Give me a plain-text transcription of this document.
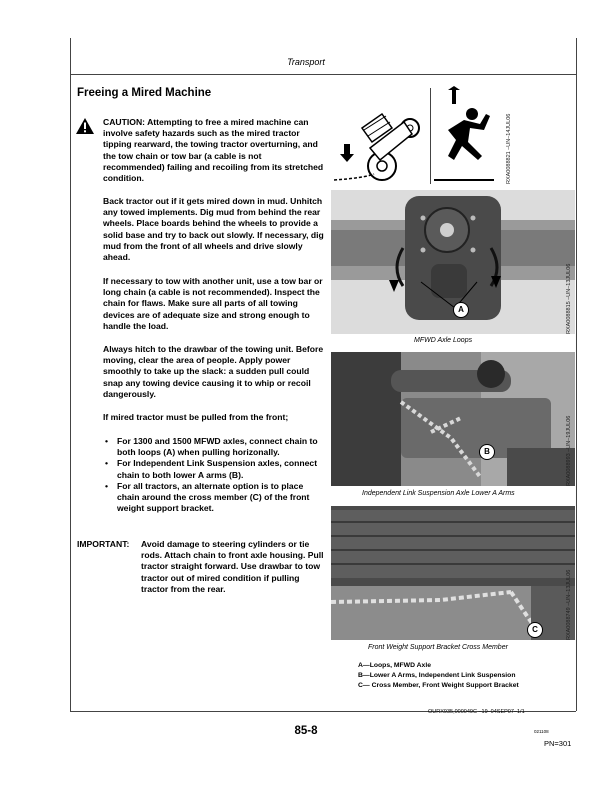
Transport
Freeing a Mired Machine
CAUTION: Attempting to free a mired machine can involve safety hazards such as the mired tractor tipping rearward, the towing tractor overturning, and the tow chain or tow bar (a cable is not recommended) failing and recoiling from its stretched condition.
Back tractor out if it gets mired down in mud. Unhitch any towed implements. Dig mud from behind the rear wheels. Place boards behind the wheels to provide a solid base and try to back out slowly. If necessary, dig mud from the front of all wheels and drive slowly ahead.
If necessary to tow with another unit, use a tow bar or long chain (a cable is not recommended). Inspect the chain for flaws. Make sure all parts of all towing devices are of adequate size and strong enough to handle the load.
Always hitch to the drawbar of the towing unit. Before moving, clear the area of people. Apply power smoothly to take up the slack: a sudden pull could snap any towing device causing it to whip or recoil dangerously.
If mired tractor must be pulled from the front;
• For 1300 and 1500 MFWD axles, connect chain to both loops (A) when pulling horizonally.
• For Independent Link Suspension axles, connect chain to both lower A arms (B).
• For all tractors, an alternate option is to place chain around the cross member (C) of the front weight support bracket.
IMPORTANT: Avoid damage to steering cylinders or tie rods. Attach chain to front axle housing. Pull tractor straight forward. Use drawbar to tow tractor out of mired condition if pulling tractor from the rear.
RXA0088821 –UN–14JUL06
A	RXA0088815 –UN–13JUL06
MFWD Axle Loops
B	RXA0088993 –UN–19JUL06
Independent Link Suspension Axle Lower A Arms
C	RXA0088749 –UN–13JUL06
Front Weight Support Bracket Cross Member
A—Loops, MFWD Axle
B—Lower A Arms, Independent Link Suspension
C— Cross Member, Front Weight Support Bracket
OURX935,000049C –19–04SEP07–1/1
85-8	021108
PN=301
